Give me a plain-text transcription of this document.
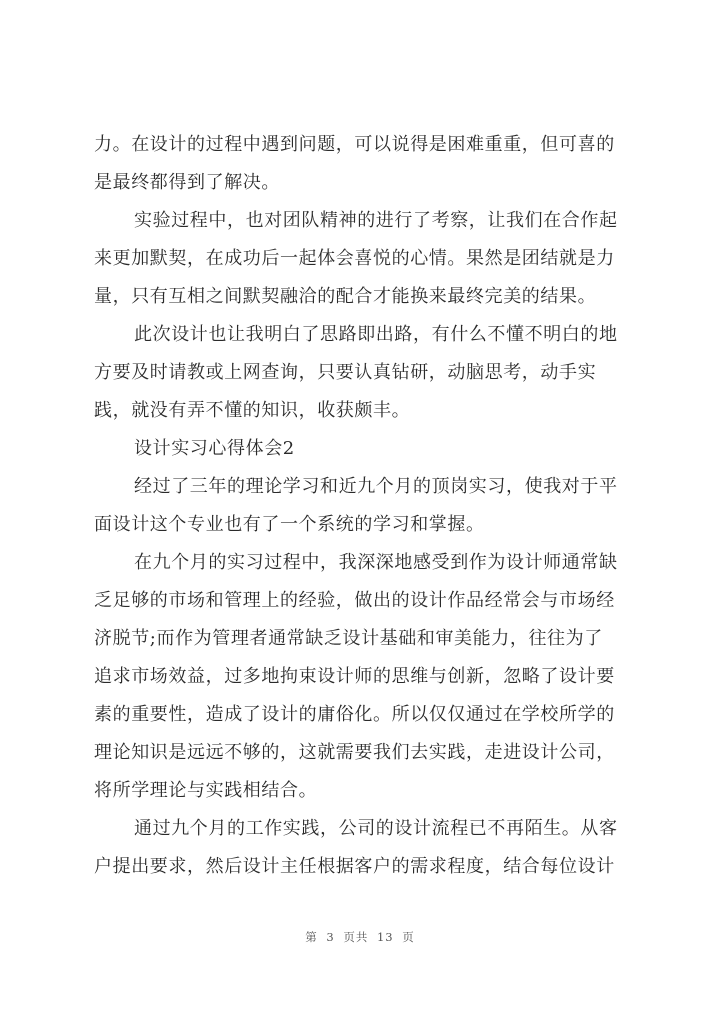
力。在设计的过程中遇到问题，可以说得是困难重重，但可喜的
是最终都得到了解决。
实验过程中，也对团队精神的进行了考察，让我们在合作起
来更加默契，在成功后一起体会喜悦的心情。果然是团结就是力
量，只有互相之间默契融洽的配合才能换来最终完美的结果。
此次设计也让我明白了思路即出路，有什么不懂不明白的地
方要及时请教或上网查询，只要认真钻研，动脑思考，动手实
践，就没有弄不懂的知识，收获颇丰。
设计实习心得体会2
经过了三年的理论学习和近九个月的顶岗实习，使我对于平
面设计这个专业也有了一个系统的学习和掌握。
在九个月的实习过程中，我深深地感受到作为设计师通常缺
乏足够的市场和管理上的经验，做出的设计作品经常会与市场经
济脱节;而作为管理者通常缺乏设计基础和审美能力，往往为了
追求市场效益，过多地拘束设计师的思维与创新，忽略了设计要
素的重要性，造成了设计的庸俗化。所以仅仅通过在学校所学的
理论知识是远远不够的，这就需要我们去实践，走进设计公司，
将所学理论与实践相结合。
通过九个月的工作实践，公司的设计流程已不再陌生。从客
户提出要求，然后设计主任根据客户的需求程度，结合每位设计
第 3 页共 13 页
